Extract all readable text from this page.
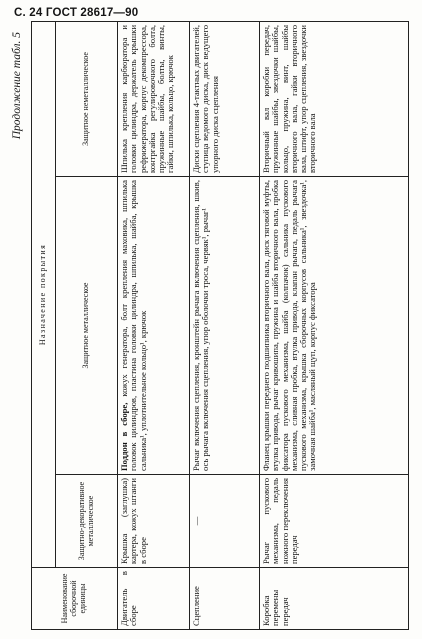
С. 24 ГОСТ 28617—90
Продолжение табл. 5
Наименование сборочной единицы	Назначение покрытия		
	Защитно-декоративное металлическое	Защитное металлическое	Защитное неметаллическое
Двигатель в сборе	Крышка (заглушка) картера, кожух штанги в сборе	Поддон в сборе, кожух генератора, болт крепления маховика, шпилька головок цилиндров, пластина головки цилиндра, шпилька, шайба, крышка сальника¹, уплотнительное кольцо¹, крючок	Шпилька крепления карбюратора и головки цилиндра, держатель крышки рефрижератора, корпус декомпрессора, контргайка регулировочного болта, пружинные шайбы, болты, винты, гайки, шпилька, кольцо, крючок
Сцепление	—	Рычаг включения сцепления, кронштейн рычага включения сцепления, шкив, ось рычага включения сцепления, упор оболочки троса, червяк¹, рычаг¹	Диски сцепления 4-тактных двигателей, ступица ведомого диска, диск ведущего упорного диска сцепления
Коробка перемены передач	Рычаг пускового механизма, педаль ножного переключения передач	Фланец крышки переднего подшипника вторичного вала, диск тяговой муфты, втулка привода, рычаг кривошипа, пружина и шайба вторичного вала, пробка фиксатора пускового механизма, шайба (колпачок) сальника пускового механизма, сливная пробка, втулка привода, клапан рычага, педаль рычага пускового механизма, крышка сборочных корпусов сальника¹, звездочка¹, замочная шайба¹, масляный щуп, корпус фиксатора	Вторичный вал коробки передач, пружинные шайбы, звездочки шайбы, кольцо, пружина, винт, шайбы вторичного вала, гайки вторичного вала, штифт, упор сцепления, звездочки вторичного вала
